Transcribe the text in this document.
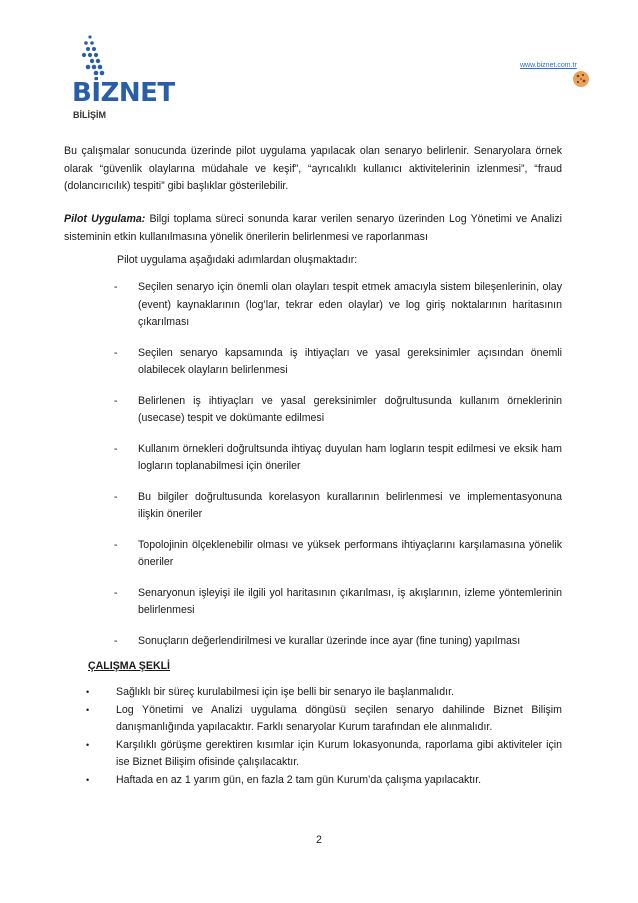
BİZNET
BİLİŞİM
www.biznet.com.tr
Bu çalışmalar sonucunda üzerinde pilot uygulama yapılacak olan senaryo belirlenir. Senaryolara örnek olarak “güvenlik olaylarına müdahale ve keşif”, “ayrıcalıklı kullanıcı aktivitelerinin izlenmesi”, “fraud (dolancırıcılık) tespiti” gibi başlıklar gösterilebilir.
Pilot Uygulama: Bilgi toplama süreci sonunda karar verilen senaryo üzerinden Log Yönetimi ve Analizi sisteminin etkin kullanılmasına yönelik önerilerin belirlenmesi ve raporlanması
Pilot uygulama aşağıdaki adımlardan oluşmaktadır:
-	Seçilen senaryo için önemli olan olayları tespit etmek amacıyla sistem bileşenlerinin, olay (event) kaynaklarının (log’lar, tekrar eden olaylar) ve log giriş noktalarının haritasının çıkarılması
-	Seçilen senaryo kapsamında iş ihtiyaçları ve yasal gereksinimler açısından önemli olabilecek olayların belirlenmesi
-	Belirlenen iş ihtiyaçları ve yasal gereksinimler doğrultusunda kullanım örneklerinin (usecase) tespit ve dokümante edilmesi
-	Kullanım örnekleri doğrultsunda ihtiyaç duyulan ham logların tespit edilmesi ve eksik ham logların toplanabilmesi için öneriler
-	Bu bilgiler doğrultusunda korelasyon kurallarının belirlenmesi ve implementasyonuna ilişkin öneriler
-	Topolojinin ölçeklenebilir olması ve yüksek performans ihtiyaçlarını karşılamasına yönelik öneriler
-	Senaryonun işleyişi ile ilgili yol haritasının çıkarılması, iş akışlarının, izleme yöntemlerinin belirlenmesi
-	Sonuçların değerlendirilmesi ve kurallar üzerinde ince ayar (fine tuning) yapılması
ÇALIŞMA ŞEKLİ
•	Sağlıklı bir süreç kurulabilmesi için işe belli bir senaryo ile başlanmalıdır.
•	Log Yönetimi ve Analizi uygulama döngüsü seçilen senaryo dahilinde Biznet Bilişim danışmanlığında yapılacaktır. Farklı senaryolar Kurum tarafından ele alınmalıdır.
•	Karşılıklı görüşme gerektiren kısımlar için Kurum lokasyonunda, raporlama gibi aktiviteler için ise Biznet Bilişim ofisinde çalışılacaktır.
•	Haftada en az 1 yarım gün, en fazla 2 tam gün Kurum’da çalışma yapılacaktır.
2
